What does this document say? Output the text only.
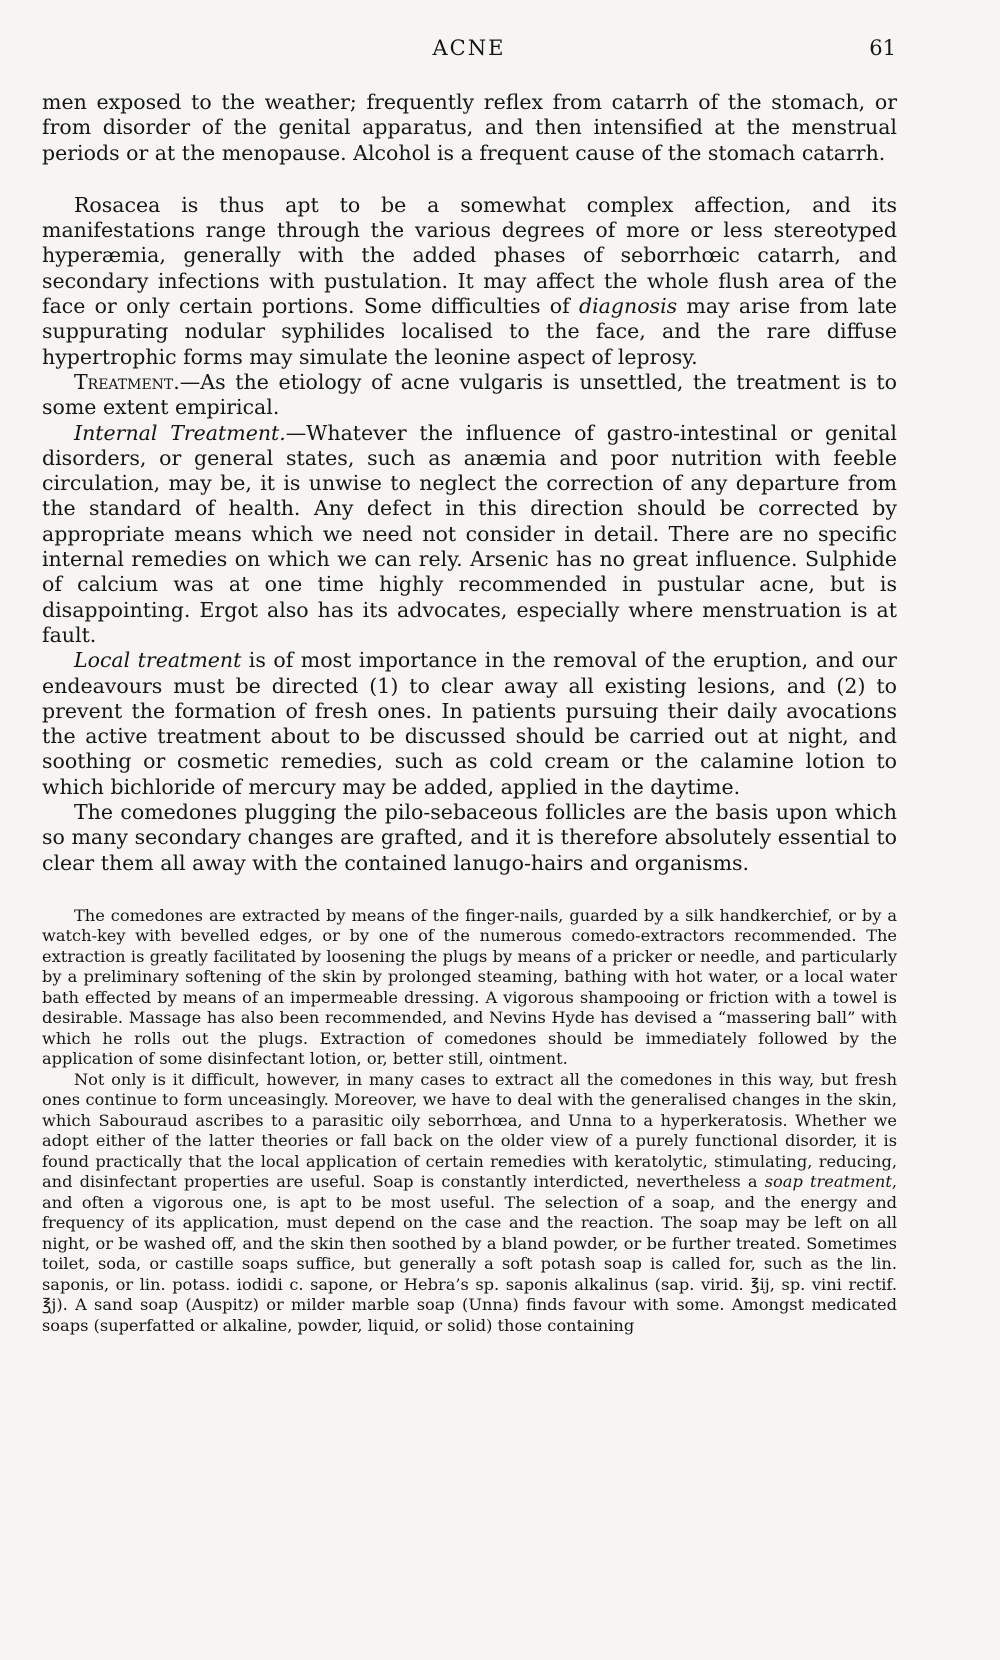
ACNE	61

men exposed to the weather; frequently reflex from catarrh of the stomach, or from disorder of the genital apparatus, and then intensified at the menstrual periods or at the menopause. Alcohol is a frequent cause of the stomach catarrh.

Rosacea is thus apt to be a somewhat complex affection, and its manifestations range through the various degrees of more or less stereotyped hyperæmia, generally with the added phases of seborrhœic catarrh, and secondary infections with pustulation. It may affect the whole flush area of the face or only certain portions. Some difficulties of diagnosis may arise from late suppurating nodular syphilides localised to the face, and the rare diffuse hypertrophic forms may simulate the leonine aspect of leprosy.

Treatment.—As the etiology of acne vulgaris is unsettled, the treatment is to some extent empirical.

Internal Treatment.—Whatever the influence of gastro-intestinal or genital disorders, or general states, such as anæmia and poor nutrition with feeble circulation, may be, it is unwise to neglect the correction of any departure from the standard of health. Any defect in this direction should be corrected by appropriate means which we need not consider in detail. There are no specific internal remedies on which we can rely. Arsenic has no great influence. Sulphide of calcium was at one time highly recommended in pustular acne, but is disappointing. Ergot also has its advocates, especially where menstruation is at fault.

Local treatment is of most importance in the removal of the eruption, and our endeavours must be directed (1) to clear away all existing lesions, and (2) to prevent the formation of fresh ones. In patients pursuing their daily avocations the active treatment about to be discussed should be carried out at night, and soothing or cosmetic remedies, such as cold cream or the calamine lotion to which bichloride of mercury may be added, applied in the daytime.

The comedones plugging the pilo-sebaceous follicles are the basis upon which so many secondary changes are grafted, and it is therefore absolutely essential to clear them all away with the contained lanugo-hairs and organisms.

The comedones are extracted by means of the finger-nails, guarded by a silk handkerchief, or by a watch-key with bevelled edges, or by one of the numerous comedo-extractors recommended. The extraction is greatly facilitated by loosening the plugs by means of a pricker or needle, and particularly by a preliminary softening of the skin by prolonged steaming, bathing with hot water, or a local water bath effected by means of an impermeable dressing. A vigorous shampooing or friction with a towel is desirable. Massage has also been recommended, and Nevins Hyde has devised a “massering ball” with which he rolls out the plugs. Extraction of comedones should be immediately followed by the application of some disinfectant lotion, or, better still, ointment.

Not only is it difficult, however, in many cases to extract all the comedones in this way, but fresh ones continue to form unceasingly. Moreover, we have to deal with the generalised changes in the skin, which Sabouraud ascribes to a parasitic oily seborrhœa, and Unna to a hyperkeratosis. Whether we adopt either of the latter theories or fall back on the older view of a purely functional disorder, it is found practically that the local application of certain remedies with keratolytic, stimulating, reducing, and disinfectant properties are useful. Soap is constantly interdicted, nevertheless a soap treatment, and often a vigorous one, is apt to be most useful. The selection of a soap, and the energy and frequency of its application, must depend on the case and the reaction. The soap may be left on all night, or be washed off, and the skin then soothed by a bland powder, or be further treated. Sometimes toilet, soda, or castille soaps suffice, but generally a soft potash soap is called for, such as the lin. saponis, or lin. potass. iodidi c. sapone, or Hebra’s sp. saponis alkalinus (sap. virid. ℥ij, sp. vini rectif. ℥j). A sand soap (Auspitz) or milder marble soap (Unna) finds favour with some. Amongst medicated soaps (superfatted or alkaline, powder, liquid, or solid) those containing
